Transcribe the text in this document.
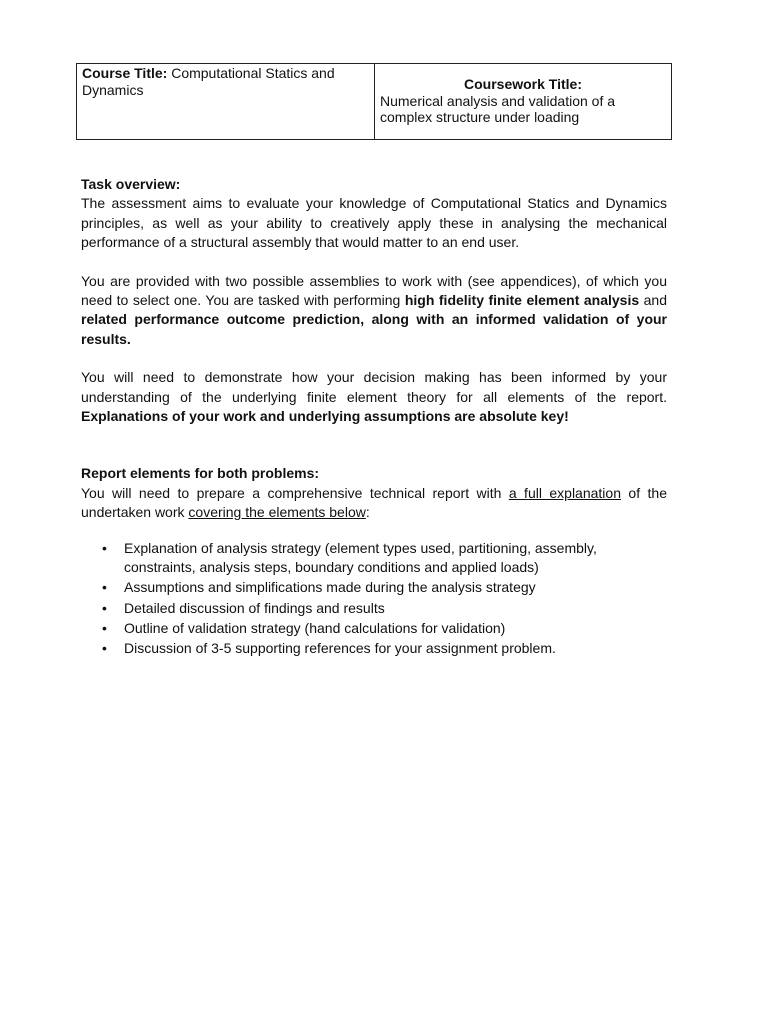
Course Title: Computational Statics and Dynamics	Coursework Title:
Numerical analysis and validation of a complex structure under loading

Task overview:

The assessment aims to evaluate your knowledge of Computational Statics and Dynamics principles, as well as your ability to creatively apply these in analysing the mechanical performance of a structural assembly that would matter to an end user.

You are provided with two possible assemblies to work with (see appendices), of which you need to select one. You are tasked with performing high fidelity finite element analysis and related performance outcome prediction, along with an informed validation of your results.

You will need to demonstrate how your decision making has been informed by your understanding of the underlying finite element theory for all elements of the report. Explanations of your work and underlying assumptions are absolute key!

Report elements for both problems:

You will need to prepare a comprehensive technical report with a full explanation of the undertaken work covering the elements below:

• Explanation of analysis strategy (element types used, partitioning, assembly, constraints, analysis steps, boundary conditions and applied loads)
• Assumptions and simplifications made during the analysis strategy
• Detailed discussion of findings and results
• Outline of validation strategy (hand calculations for validation)
• Discussion of 3-5 supporting references for your assignment problem.
